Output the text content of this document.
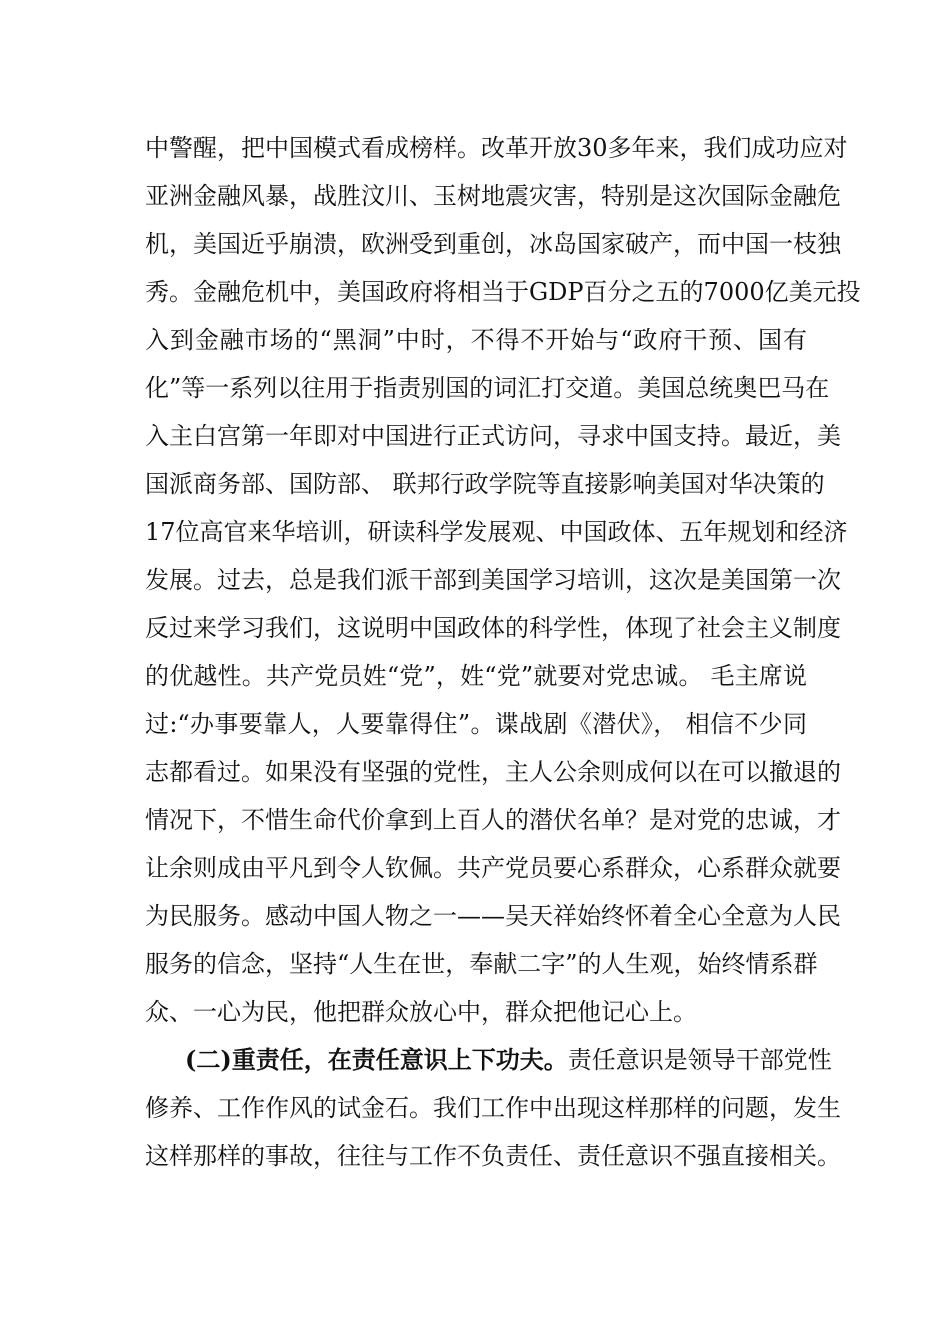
中警醒，把中国模式看成榜样。改革开放30多年来，我们成功应对
亚洲金融风暴，战胜汶川、玉树地震灾害，特别是这次国际金融危
机，美国近乎崩溃，欧洲受到重创，冰岛国家破产，而中国一枝独
秀。金融危机中，美国政府将相当于GDP百分之五的7000亿美元投
入到金融市场的“黑洞”中时，不得不开始与“政府干预、国有
化”等一系列以往用于指责别国的词汇打交道。美国总统奥巴马在
入主白宫第一年即对中国进行正式访问，寻求中国支持。最近，美
国派商务部、国防部、 联邦行政学院等直接影响美国对华决策的
17位高官来华培训，研读科学发展观、中国政体、五年规划和经济
发展。过去，总是我们派干部到美国学习培训，这次是美国第一次
反过来学习我们，这说明中国政体的科学性，体现了社会主义制度
的优越性。共产党员姓“党”，姓“党”就要对党忠诚。 毛主席说
过:“办事要靠人，人要靠得住”。谍战剧《潜伏》， 相信不少同
志都看过。如果没有坚强的党性，主人公余则成何以在可以撤退的
情况下，不惜生命代价拿到上百人的潜伏名单？是对党的忠诚，才
让余则成由平凡到令人钦佩。共产党员要心系群众，心系群众就要
为民服务。感动中国人物之一——吴天祥始终怀着全心全意为人民
服务的信念，坚持“人生在世，奉献二字”的人生观，始终情系群
众、一心为民，他把群众放心中，群众把他记心上。
(二)重责任，在责任意识上下功夫。责任意识是领导干部党性
修养、工作作风的试金石。我们工作中出现这样那样的问题，发生
这样那样的事故，往往与工作不负责任、责任意识不强直接相关。
